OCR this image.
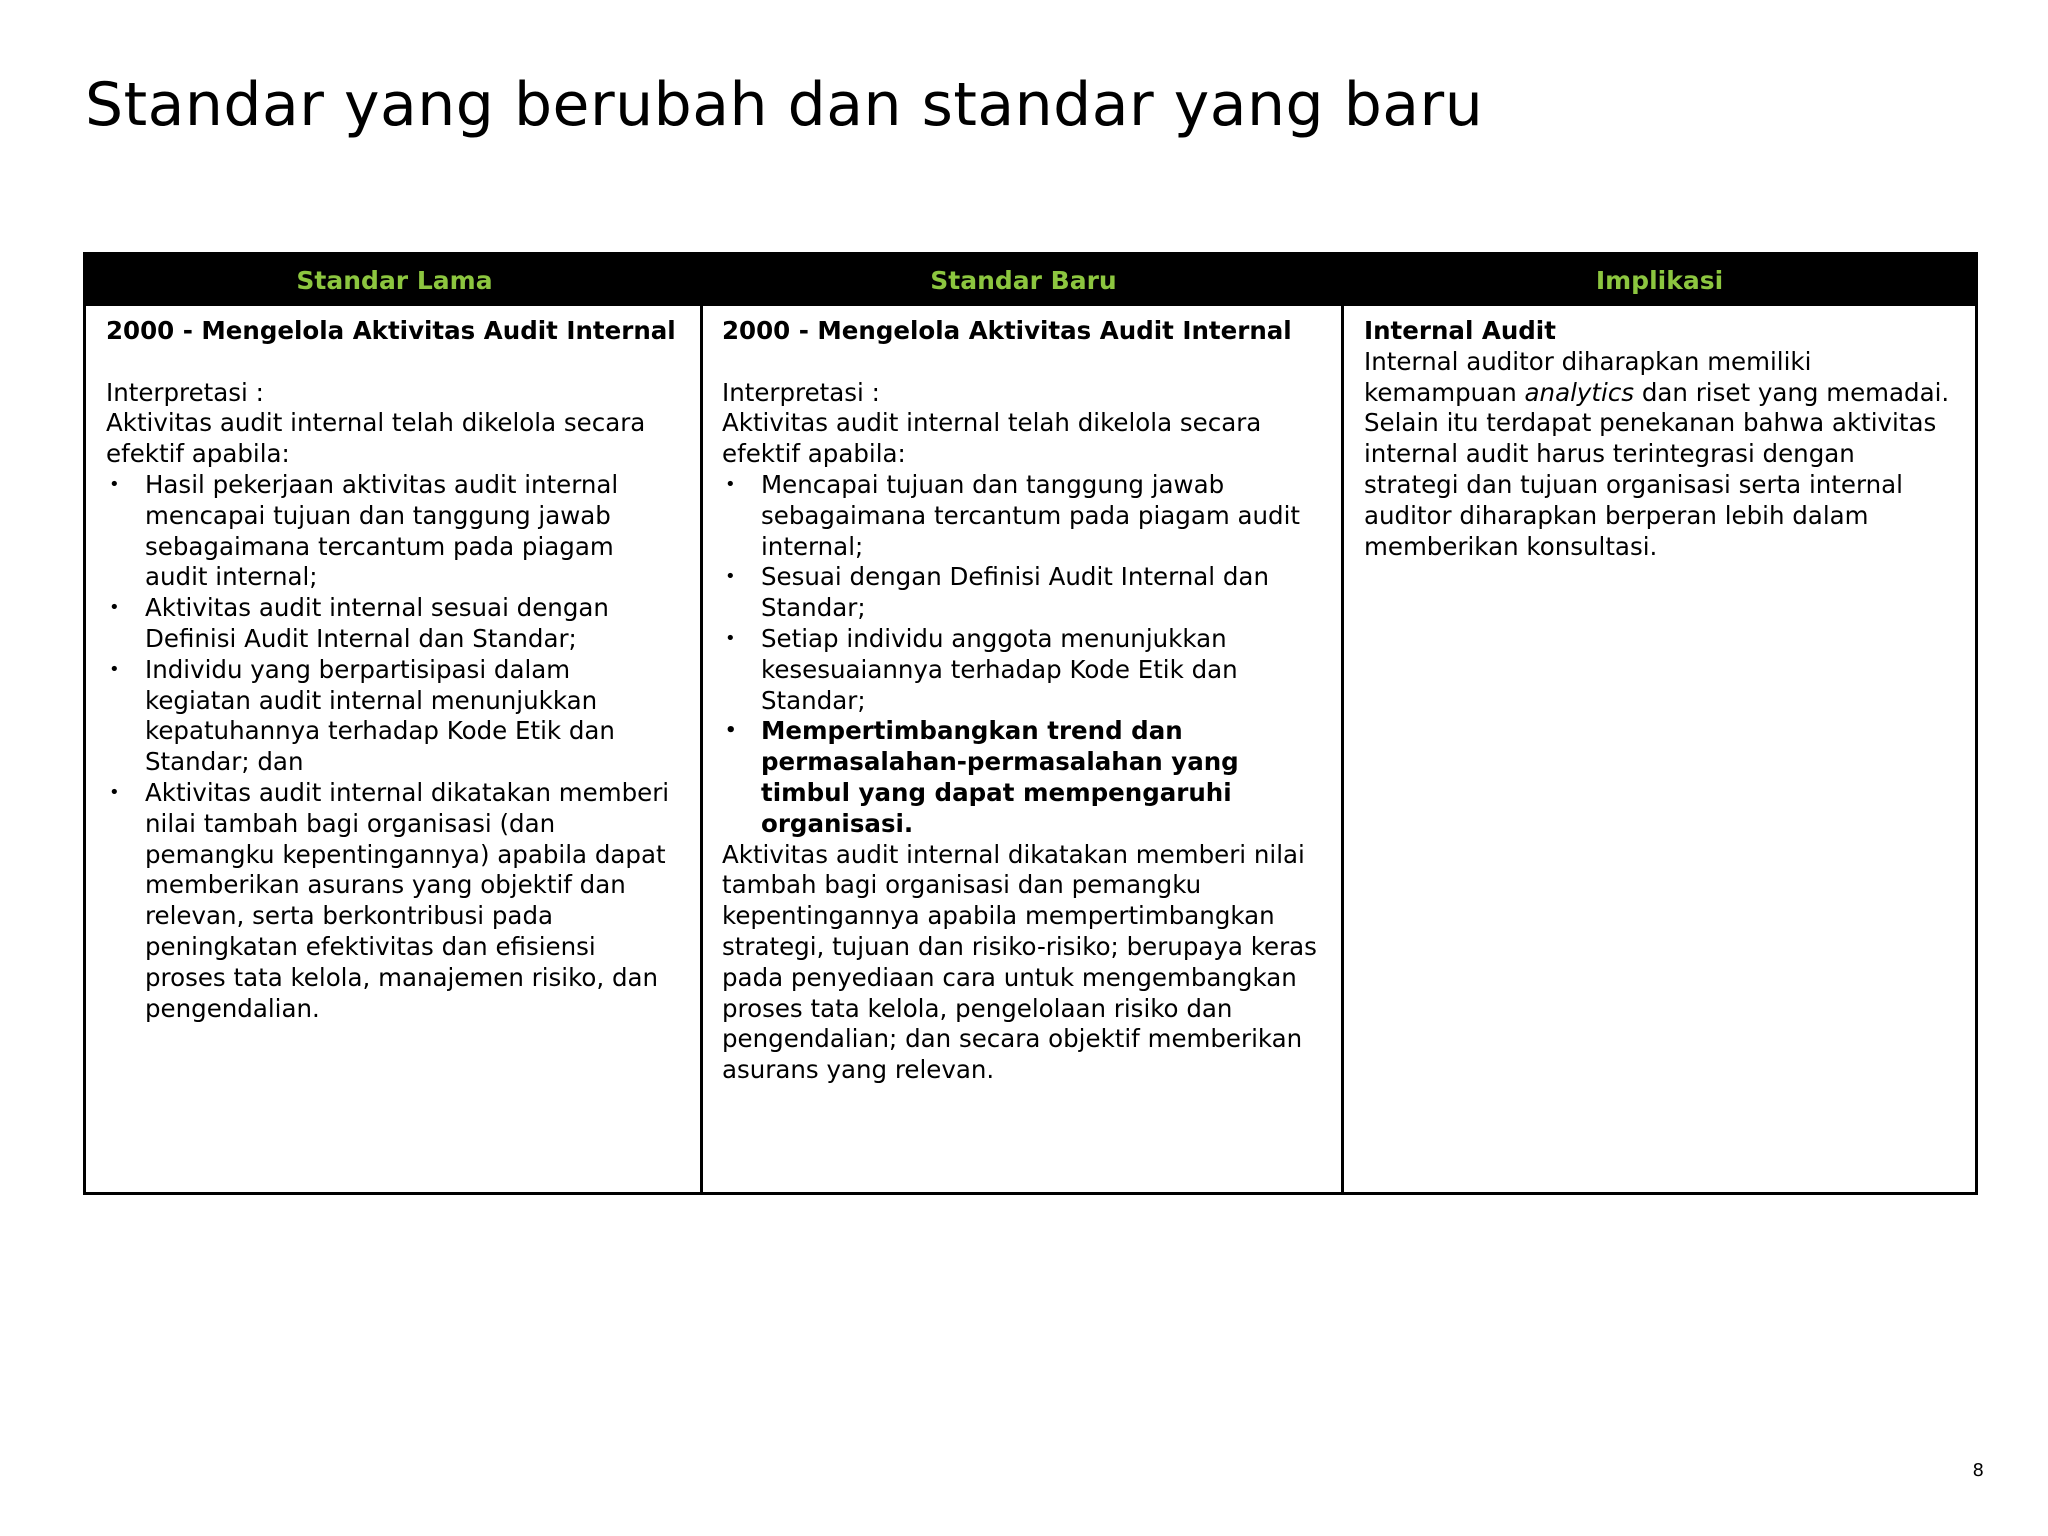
Standar yang berubah dan standar yang baru
Standar Lama	Standar Baru	Implikasi
2000 - Mengelola Aktivitas Audit Internal
Interpretasi :
Aktivitas audit internal telah dikelola secara efektif apabila:
• Hasil pekerjaan aktivitas audit internal mencapai tujuan dan tanggung jawab sebagaimana tercantum pada piagam audit internal;
• Aktivitas audit internal sesuai dengan Definisi Audit Internal dan Standar;
• Individu yang berpartisipasi dalam kegiatan audit internal menunjukkan kepatuhannya terhadap Kode Etik dan Standar; dan
• Aktivitas audit internal dikatakan memberi nilai tambah bagi organisasi (dan pemangku kepentingannya) apabila dapat memberikan asurans yang objektif dan relevan, serta berkontribusi pada peningkatan efektivitas dan efisiensi proses tata kelola, manajemen risiko, dan pengendalian.
2000 - Mengelola Aktivitas Audit Internal
Interpretasi :
Aktivitas audit internal telah dikelola secara efektif apabila:
• Mencapai tujuan dan tanggung jawab sebagaimana tercantum pada piagam audit internal;
• Sesuai dengan Definisi Audit Internal dan Standar;
• Setiap individu anggota menunjukkan kesesuaiannya terhadap Kode Etik dan Standar;
• Mempertimbangkan trend dan permasalahan-permasalahan yang timbul yang dapat mempengaruhi organisasi.
Aktivitas audit internal dikatakan memberi nilai tambah bagi organisasi dan pemangku kepentingannya apabila mempertimbangkan strategi, tujuan dan risiko-risiko; berupaya keras pada penyediaan cara untuk mengembangkan proses tata kelola, pengelolaan risiko dan pengendalian; dan secara objektif memberikan asurans yang relevan.
Internal Audit
Internal auditor diharapkan memiliki kemampuan analytics dan riset yang memadai. Selain itu terdapat penekanan bahwa aktivitas internal audit harus terintegrasi dengan strategi dan tujuan organisasi serta internal auditor diharapkan berperan lebih dalam memberikan konsultasi.
8
